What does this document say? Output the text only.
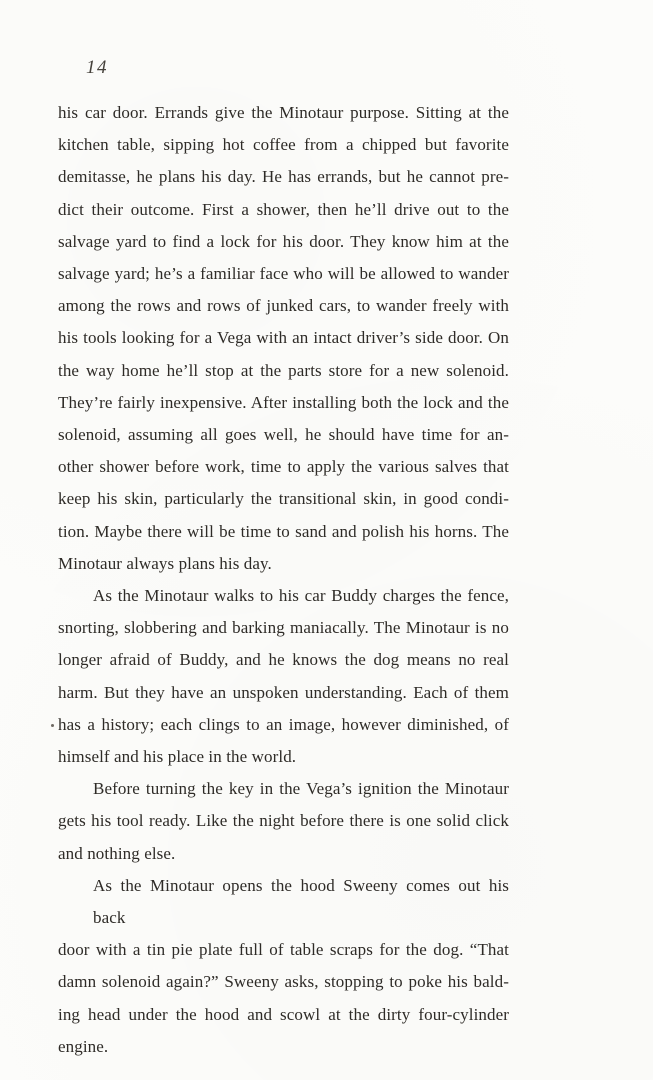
14
his car door. Errands give the Minotaur purpose. Sitting at the
kitchen table, sipping hot coffee from a chipped but favorite
demitasse, he plans his day. He has errands, but he cannot pre-
dict their outcome. First a shower, then he’ll drive out to the
salvage yard to find a lock for his door. They know him at the
salvage yard; he’s a familiar face who will be allowed to wander
among the rows and rows of junked cars, to wander freely with
his tools looking for a Vega with an intact driver’s side door. On
the way home he’ll stop at the parts store for a new solenoid.
They’re fairly inexpensive. After installing both the lock and the
solenoid, assuming all goes well, he should have time for an-
other shower before work, time to apply the various salves that
keep his skin, particularly the transitional skin, in good condi-
tion. Maybe there will be time to sand and polish his horns. The
Minotaur always plans his day.
As the Minotaur walks to his car Buddy charges the fence,
snorting, slobbering and barking maniacally. The Minotaur is no
longer afraid of Buddy, and he knows the dog means no real
harm. But they have an unspoken understanding. Each of them
has a history; each clings to an image, however diminished, of
himself and his place in the world.
Before turning the key in the Vega’s ignition the Minotaur
gets his tool ready. Like the night before there is one solid click
and nothing else.
As the Minotaur opens the hood Sweeny comes out his back
door with a tin pie plate full of table scraps for the dog. “That
damn solenoid again?” Sweeny asks, stopping to poke his bald-
ing head under the hood and scowl at the dirty four-cylinder
engine.
